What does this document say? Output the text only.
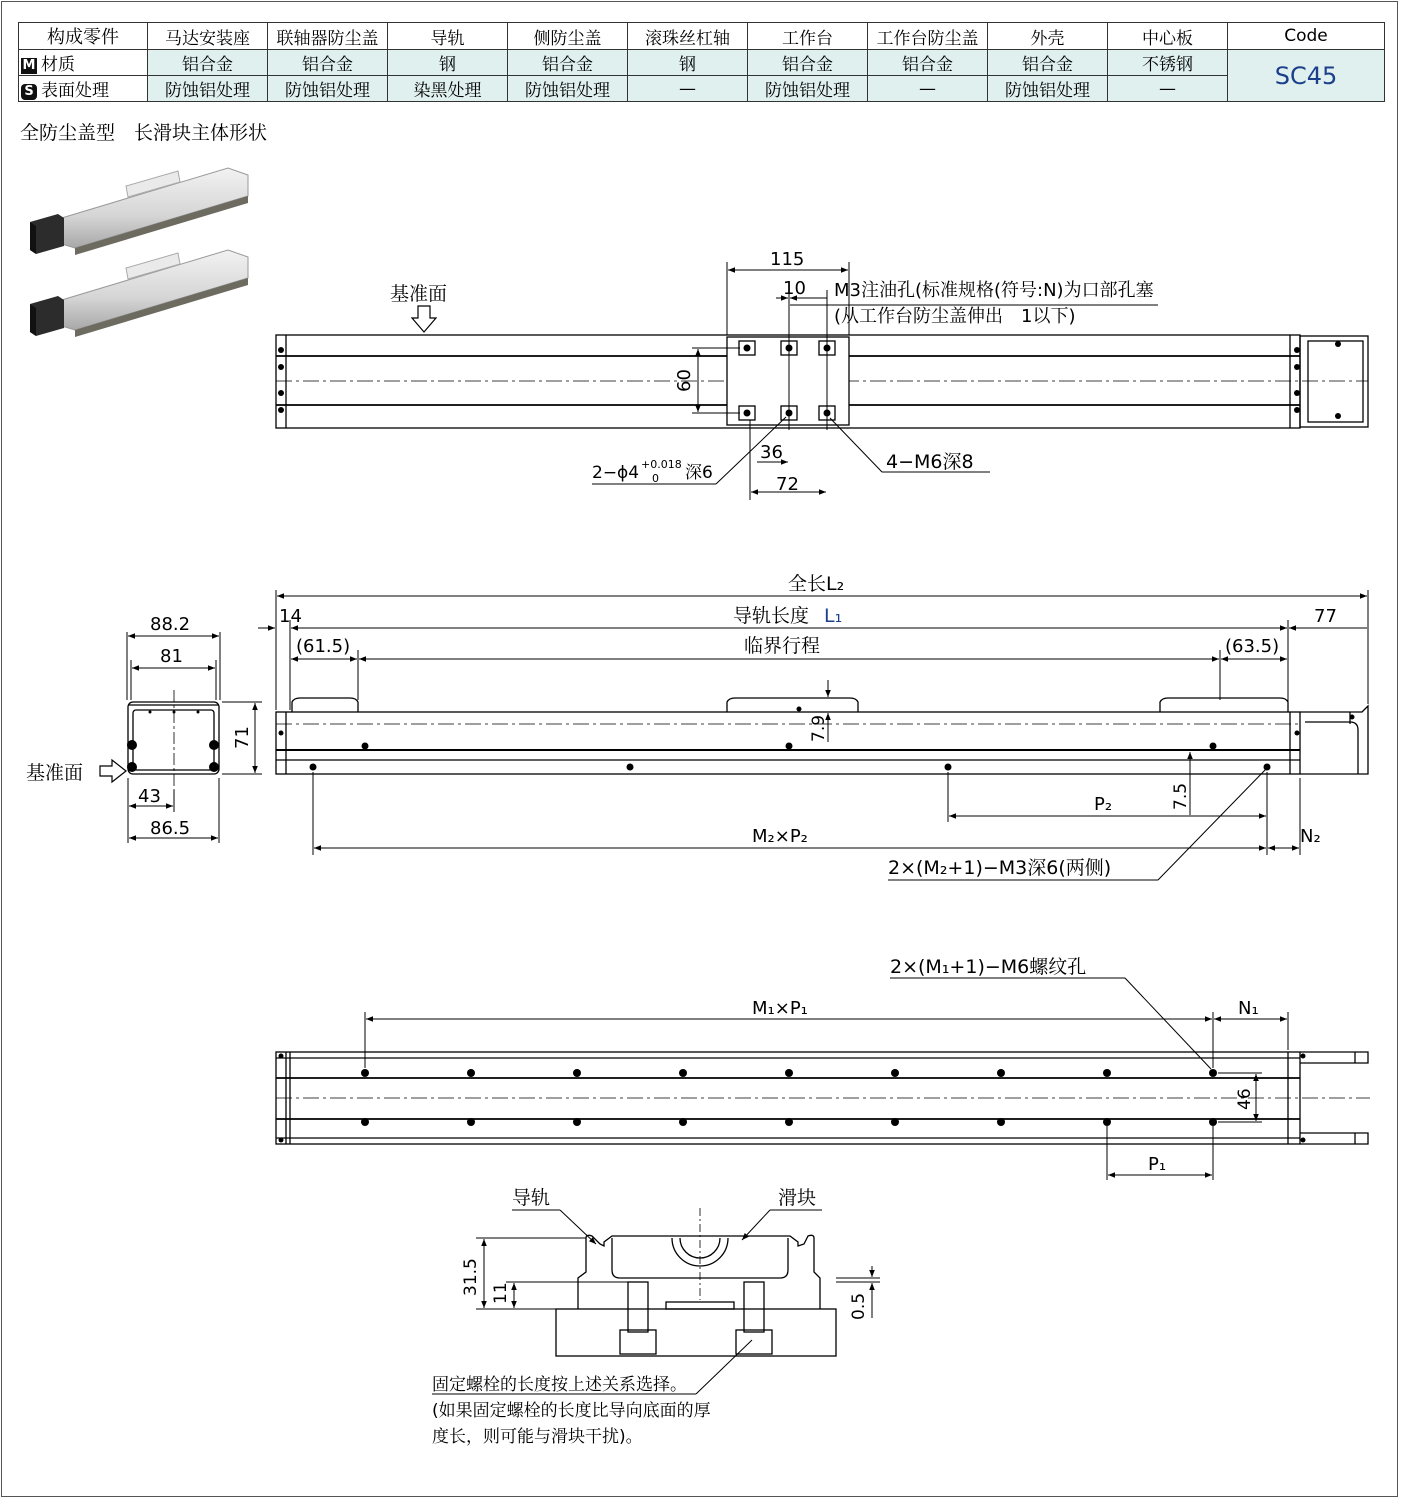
构成零件	马达安装座	联轴器防尘盖	导轨	侧防尘盖	滚珠丝杠轴	工作台	工作台防尘盖	外壳	中心板	Code
M 材质	铝合金	铝合金	钢	铝合金	钢	铝合金	铝合金	铝合金	不锈钢	SC45
S 表面处理	防蚀铝处理	防蚀铝处理	染黑处理	防蚀铝处理	—	防蚀铝处理	—	防蚀铝处理	—	
全防尘盖型　长滑块主体形状
基准面
115
10 M3注油孔(标准规格(符号:N)为口部孔塞
(从工作台防尘盖伸出　1以下)
60
36
72
2−ϕ4 +0.018
0 深6	4−M6深8
88.2
81
71
43
86.5
基准面
全长L₂
导轨长度 L₁
14	77
(61.5)	临界行程	(63.5)
7.9
7.5
P₂
M₂×P₂	N₂
2×(M₂+1)−M3深6(两侧)
2×(M₁+1)−M6螺纹孔
M₁×P₁	N₁
46
P₁
导轨	滑块
31.5 11	0.5
固定螺栓的长度按上述关系选择。
(如果固定螺栓的长度比导向底面的厚
度长，则可能与滑块干扰)。
